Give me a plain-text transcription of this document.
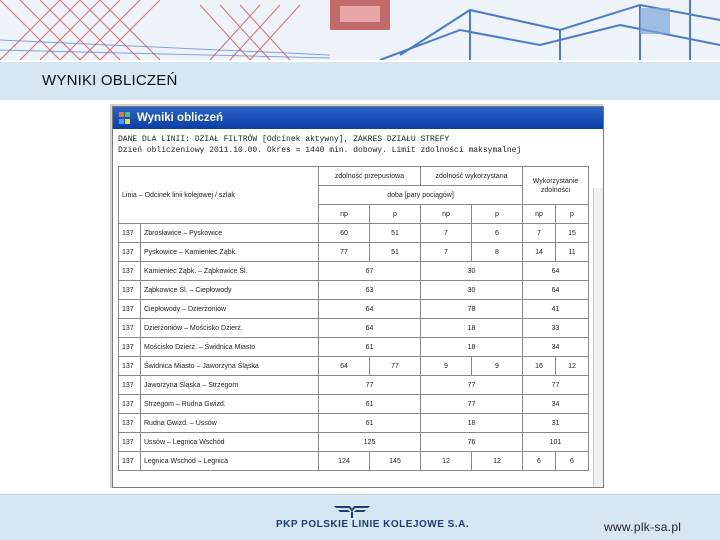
WYNIKI OBLICZEŃ
Wyniki obliczeń
DANE DLA LINII: DZIAŁ FILTRÓW [Odcinek aktywny], ZAKRES DZIAŁU STREFY
Dzień obliczeniowy 2011.10.00. Okres = 1440 min. dobowy. Limit zdolności maksymalnej
Linia – Odcinek linii kolejowej / szlak		zdolność przepustowa		zdolność wykorzystana		Wykorzystanie zdolności	
		doba [pary pociągów]					
		np	p	np	p	np	p
137	Zbrosławice – Pyskowice	60	51	7	6	7	15
137	Pyskowice – Kamieniec Ząbk.	77	51	7	8	14	11
137	Kamieniec Ząbk. – Ząbkowice Śl.	67		30		64	
137	Ząbkowice Śl. – Ciepłowody	63		30		64	
137	Ciepłowody – Dzierżoniów	64		78		41	
137	Dzierżoniów – Mościsko Dzierż.	64		18		33	
137	Mościsko Dzierż. – Świdnica Miasto	61		18		34	
137	Świdnica Miasto – Jaworzyna Śląska	64	77	9	9	16	12
137	Jaworzyna Śląska – Strzegom	77		77		77	
137	Strzegom – Rudna Gwizd.	61		77		34	
137	Rudna Gwizd. – Ussów	61		18		31	
137	Ussów – Legnica Wschód	125		76		101	
137	Legnica Wschód – Legnica	124	145	12	12	6	6
PKP POLSKIE LINIE KOLEJOWE S.A.	www.plk-sa.pl
